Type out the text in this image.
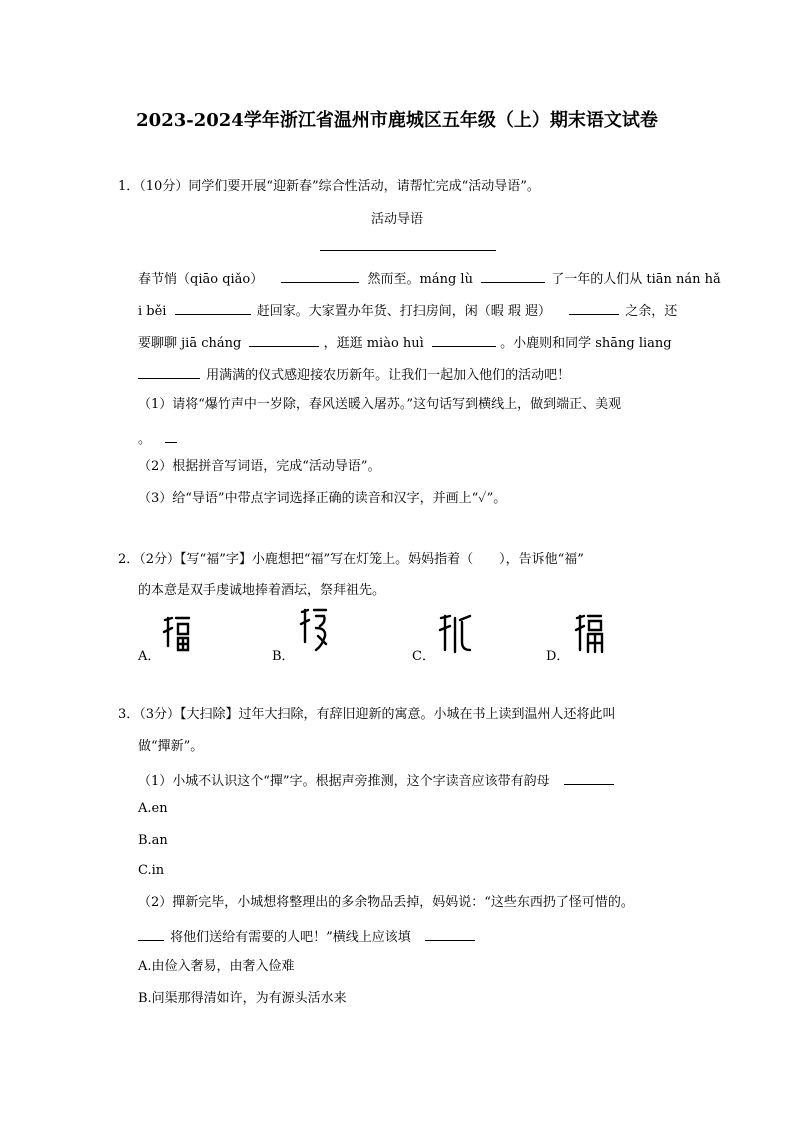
2023-2024学年浙江省温州市鹿城区五年级（上）期末语文试卷
1．（10分）同学们要开展“迎新春”综合性活动，请帮忙完成“活动导语”。
活动导语
春节悄（qiāo qiǎo）	然而至。máng lù	了一年的人们从 tiān nán hǎ
i běi	赶回家。大家置办年货、打扫房间，闲（暇 瑕 遐）	之余，还
要聊聊 jiā cháng	，逛逛 miào huì	。小鹿则和同学 shāng liang
用满满的仪式感迎接农历新年。让我们一起加入他们的活动吧！
（1）请将“爆竹声中一岁除，春风送暖入屠苏。”这句话写到横线上，做到端正、美观
。
（2）根据拼音写词语，完成“活动导语”。
（3）给“导语”中带点字词选择正确的读音和汉字，并画上“✓”。
2．（2分）【写“福”字】小鹿想把“福”写在灯笼上。妈妈指着（　　），告诉他“福”
的本意是双手虔诚地捧着酒坛，祭拜祖先。
A．	B．	C．	D．
3．（3分）【大扫除】过年大扫除，有辞旧迎新的寓意。小城在书上读到温州人还将此叫
做“撣新”。
（1）小城不认识这个“撣”字。根据声旁推测，这个字读音应该带有韵母
A.en
B.an
C.in
（2）撣新完毕，小城想将整理出的多余物品丢掉，妈妈说：“这些东西扔了怪可惜的。
将他们送给有需要的人吧！”横线上应该填
A.由俭入奢易，由奢入俭难
B.问渠那得清如许，为有源头活水来
